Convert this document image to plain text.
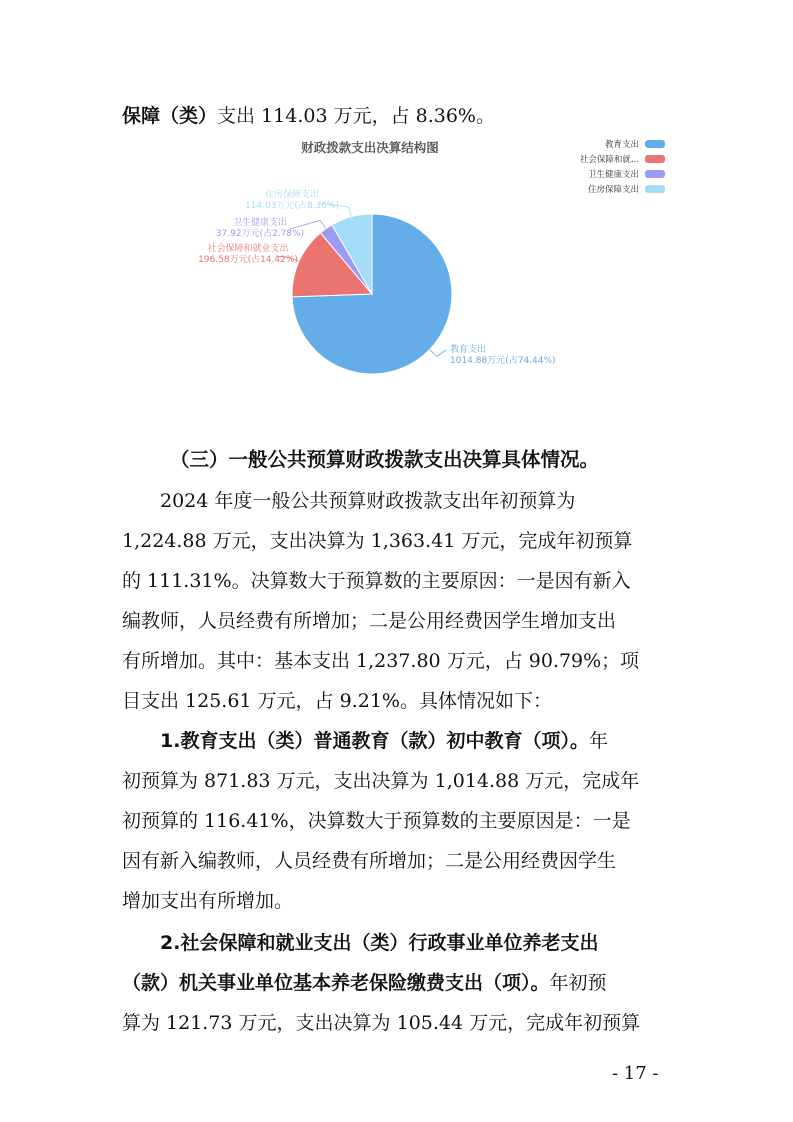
保障（类）支出 114.03 万元，占 8.36%。
财政拨款支出决算结构图	教育支出
社会保障和就...
卫生健康支出
住房保障支出
教育支出
1014.88万元(占74.44%)
社会保障和就业支出
196.58万元(占14.42%)
卫生健康支出
37.92万元(占2.78%)
住房保障支出
114.03万元(占8.36%)
（三）一般公共预算财政拨款支出决算具体情况。
2024 年度一般公共预算财政拨款支出年初预算为
1,224.88 万元，支出决算为 1,363.41 万元，完成年初预算
的 111.31%。决算数大于预算数的主要原因：一是因有新入
编教师，人员经费有所增加；二是公用经费因学生增加支出
有所增加。其中：基本支出 1,237.80 万元，占 90.79%；项
目支出 125.61 万元，占 9.21%。具体情况如下：
1.教育支出（类）普通教育（款）初中教育（项）。年
初预算为 871.83 万元，支出决算为 1,014.88 万元，完成年
初预算的 116.41%，决算数大于预算数的主要原因是：一是
因有新入编教师，人员经费有所增加；二是公用经费因学生
增加支出有所增加。
2.社会保障和就业支出（类）行政事业单位养老支出
（款）机关事业单位基本养老保险缴费支出（项）。年初预
算为 121.73 万元，支出决算为 105.44 万元，完成年初预算
- 17 -
